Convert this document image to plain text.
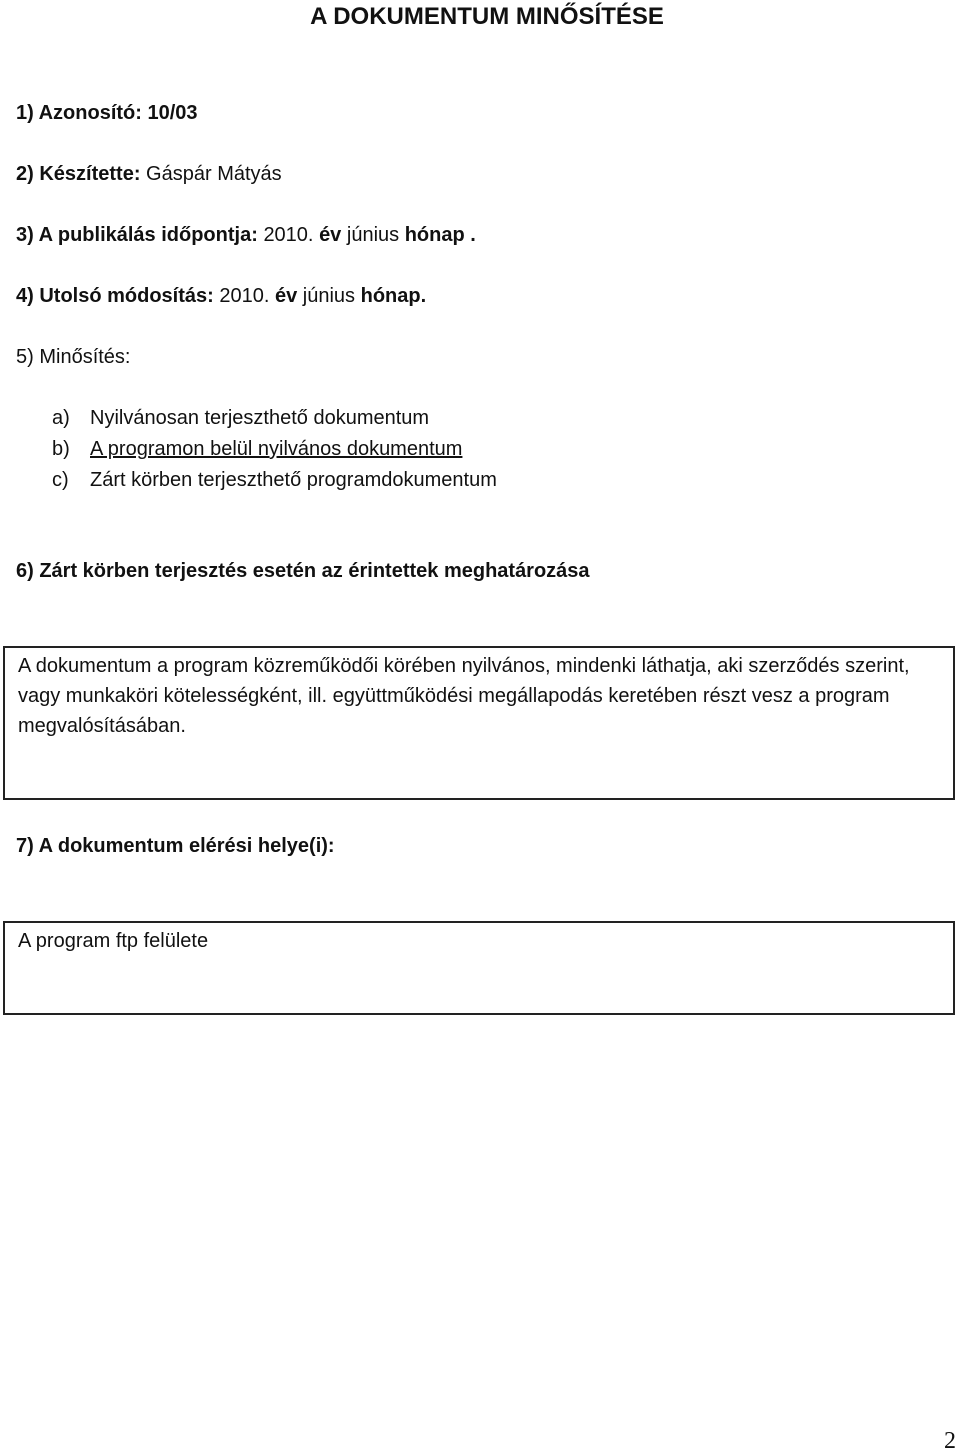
A DOKUMENTUM MINŐSÍTÉSE
1) Azonosító: 10/03
2) Készítette: Gáspár Mátyás
3) A publikálás időpontja: 2010. év június hónap .
4) Utolsó módosítás: 2010. év június hónap.
5) Minősítés:
a) Nyilvánosan terjeszthető dokumentum
b) A programon belül nyilvános dokumentum
c) Zárt körben terjeszthető programdokumentum
6) Zárt körben terjesztés esetén az érintettek meghatározása
A dokumentum a program közreműködői körében nyilvános, mindenki láthatja, aki szerződés szerint, vagy munkaköri kötelességként, ill. együttműködési megállapodás keretében részt vesz a program megvalósításában.
7) A dokumentum elérési helye(i):
A program ftp felülete
2
